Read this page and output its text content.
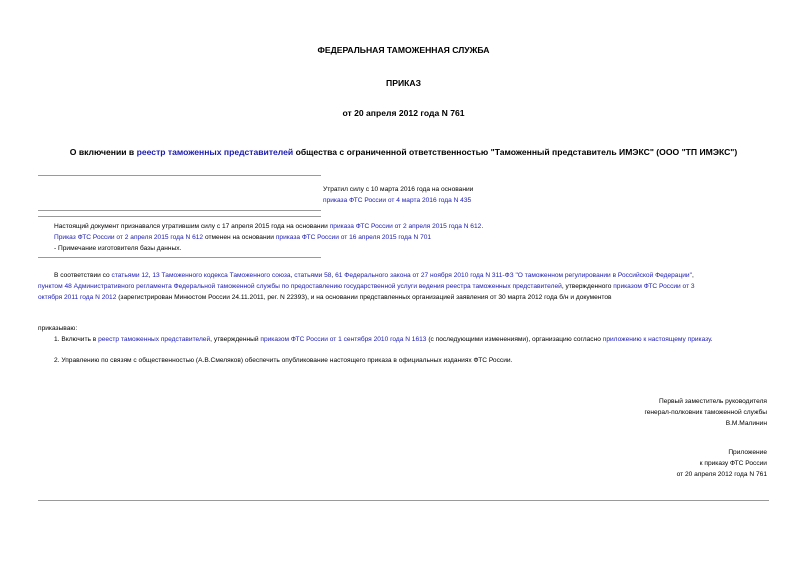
ФЕДЕРАЛЬНАЯ ТАМОЖЕННАЯ СЛУЖБА
ПРИКАЗ
от 20 апреля 2012 года N 761
О включении в реестр таможенных представителей общества с ограниченной ответственностью "Таможенный представитель ИМЭКС" (ООО "ТП ИМЭКС")
Утратил силу с 10 марта 2016 года на основании
приказа ФТС России от 4 марта 2016 года N 435
Настоящий документ признавался утратившим силу с 17 апреля 2015 года на основании приказа ФТС России от 2 апреля 2015 года N 612.
Приказ ФТС России от 2 апреля 2015 года N 612 отменен на основании приказа ФТС России от 16 апреля 2015 года N 701
- Примечание изготовителя базы данных.
В соответствии со статьями 12, 13 Таможенного кодекса Таможенного союза, статьями 58, 61 Федерального закона от 27 ноября 2010 года N 311-ФЗ "О таможенном регулировании в Российской Федерации",
пунктом 48 Административного регламента Федеральной таможенной службы по предоставлению государственной услуги ведения реестра таможенных представителей, утвержденного приказом ФТС России от 3
октября 2011 года N 2012 (зарегистрирован Минюстом России 24.11.2011, рег. N 22393), и на основании представленных организацией заявления от 30 марта 2012 года б/н и документов
приказываю:
1. Включить в реестр таможенных представителей, утвержденный приказом ФТС России от 1 сентября 2010 года N 1613 (с последующими изменениями), организацию согласно приложению к настоящему приказу.
2. Управлению по связям с общественностью (А.В.Смеляков) обеспечить опубликование настоящего приказа в официальных изданиях ФТС России.
Первый заместитель руководителя
генерал-полковник таможенной службы
В.М.Малинин
Приложение
к приказу ФТС России
от 20 апреля 2012 года N 761
